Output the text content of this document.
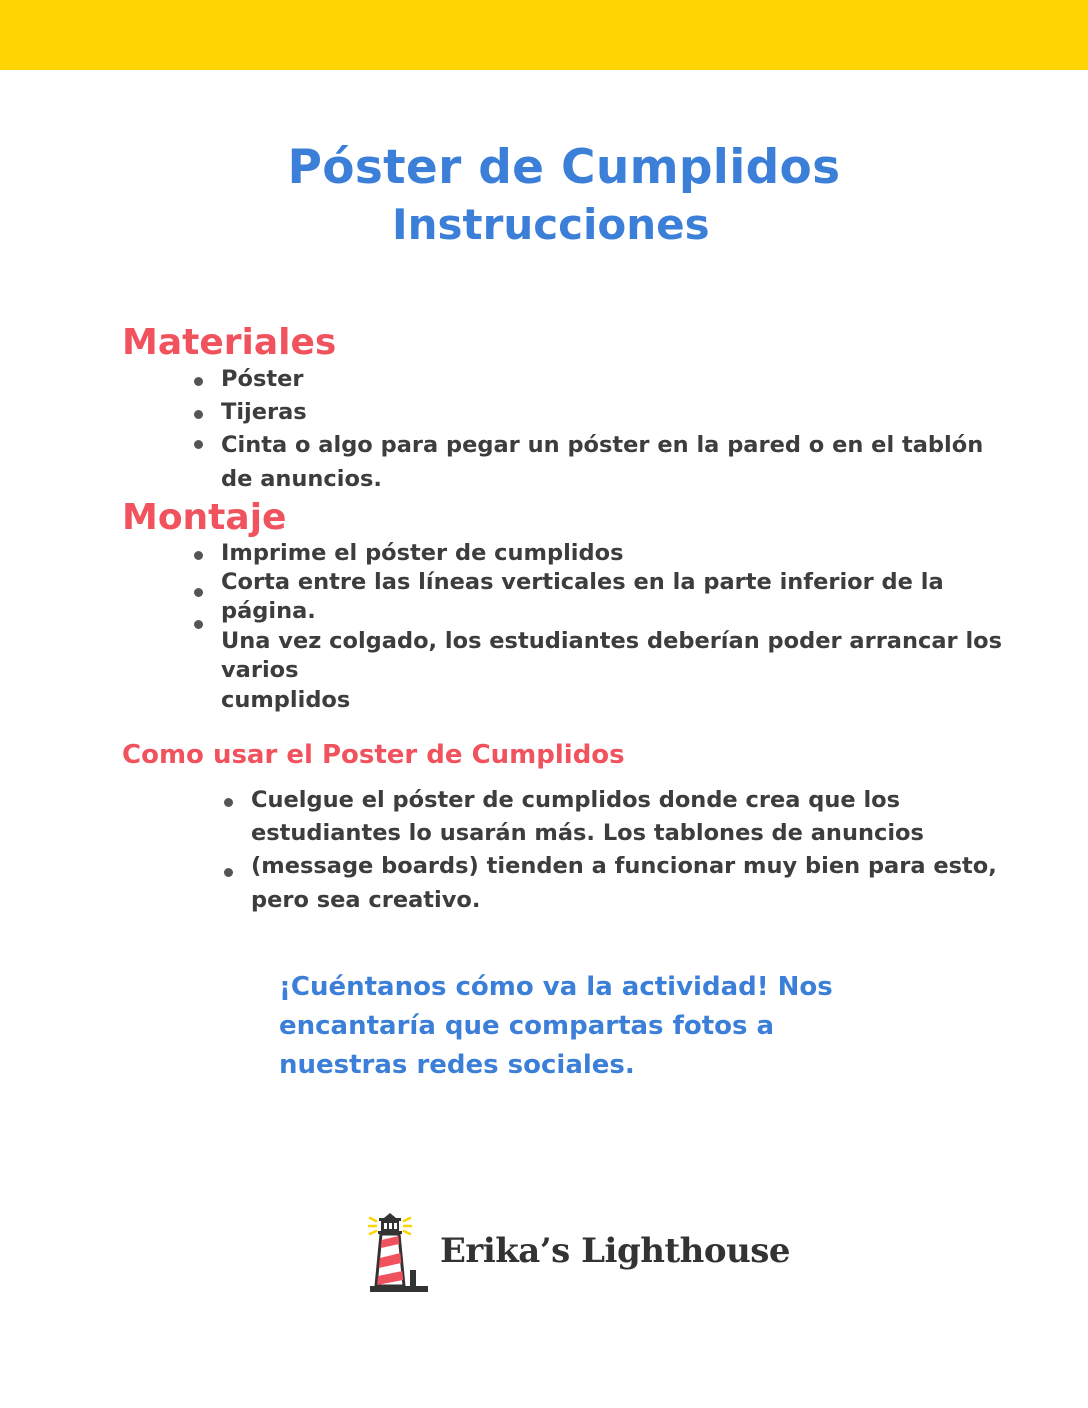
Póster de Cumplidos
Instrucciones
Materiales
Póster
Tijeras
Cinta o algo para pegar un póster en la pared o en el tablón
de anuncios.
Montaje
Imprime el póster de cumplidos
Corta entre las líneas verticales en la parte inferior de la
página.
Una vez colgado, los estudiantes deberían poder arrancar los
varios
cumplidos
Como usar el Poster de Cumplidos
Cuelgue el póster de cumplidos donde crea que los
estudiantes lo usarán más. Los tablones de anuncios
(message boards) tienden a funcionar muy bien para esto,
pero sea creativo.
¡Cuéntanos cómo va la actividad! Nos
encantaría que compartas fotos a
nuestras redes sociales.
Erika’s Lighthouse
